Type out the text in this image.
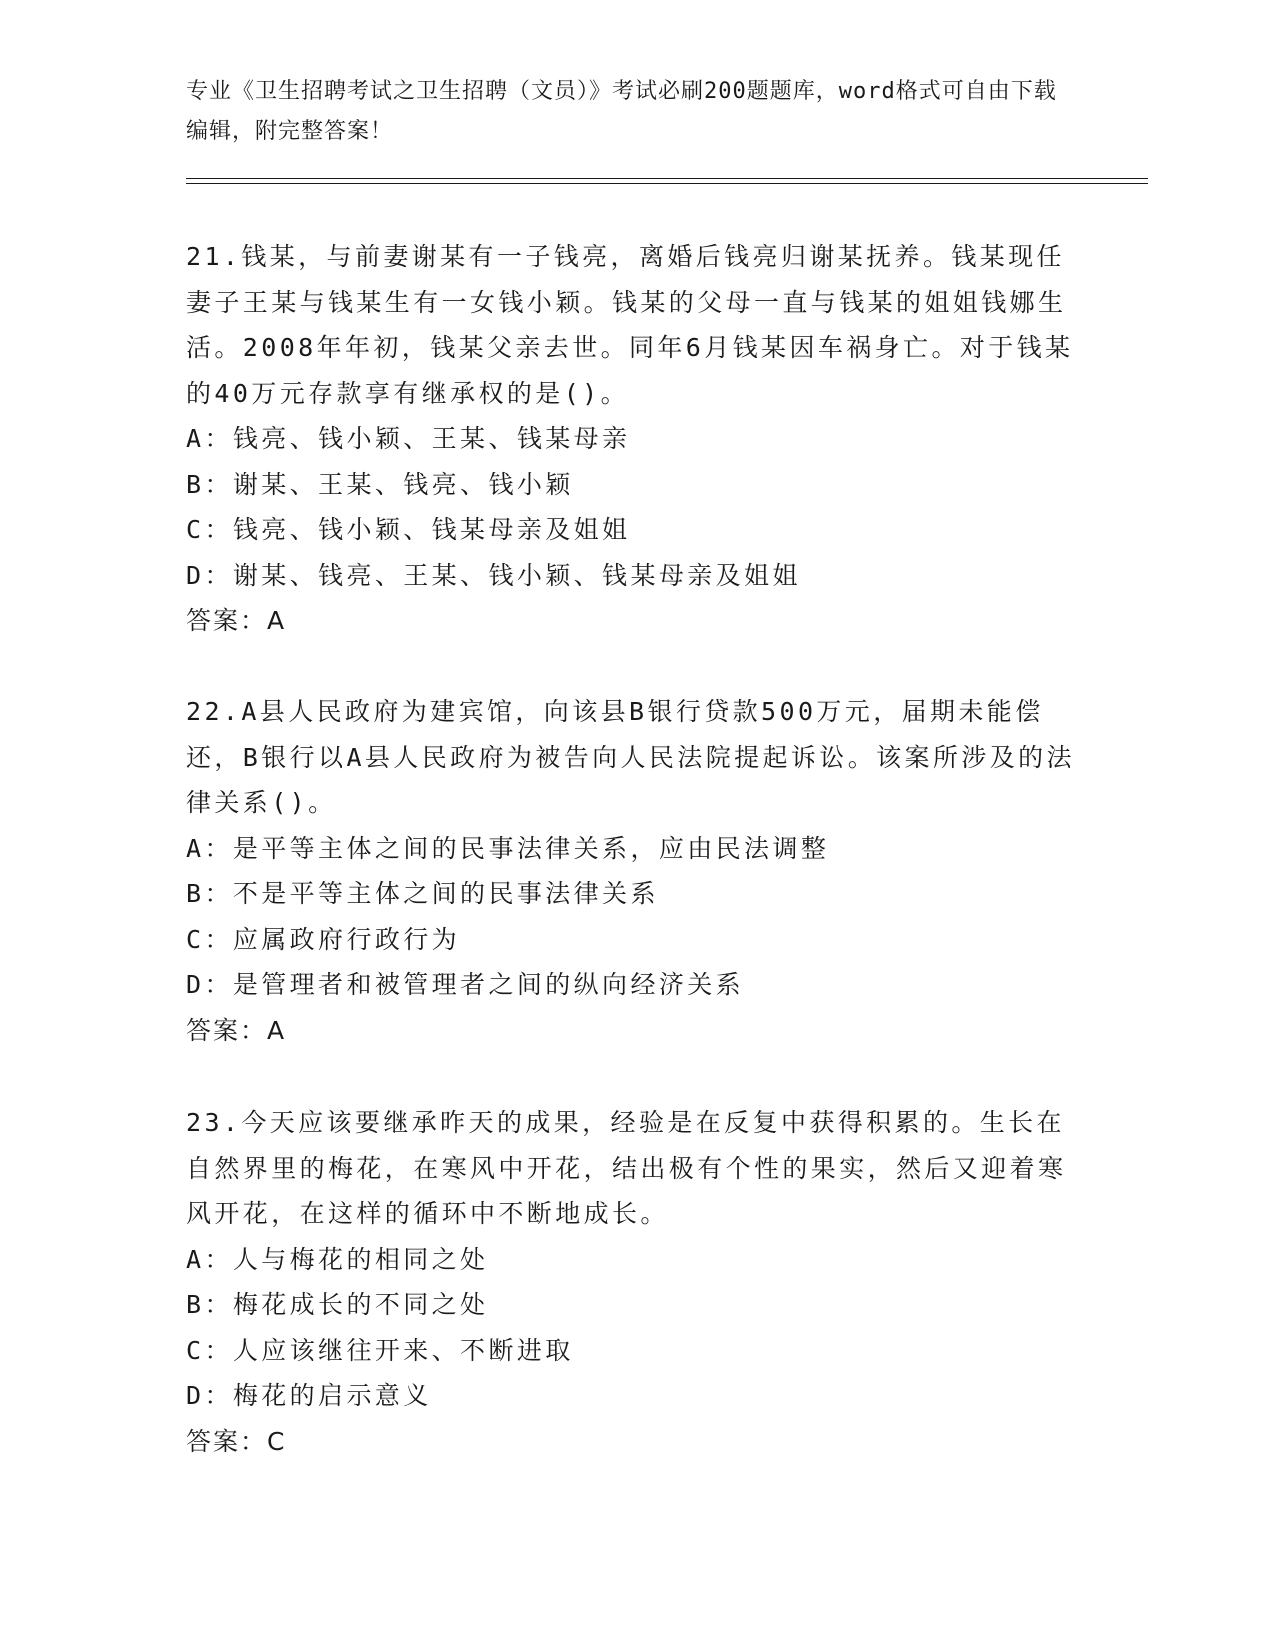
专业《卫生招聘考试之卫生招聘（文员）》考试必刷200题题库，word格式可自由下载编辑，附完整答案！

21.钱某，与前妻谢某有一子钱亮，离婚后钱亮归谢某抚养。钱某现任妻子王某与钱某生有一女钱小颖。钱某的父母一直与钱某的姐姐钱娜生活。2008年年初，钱某父亲去世。同年6月钱某因车祸身亡。对于钱某的40万元存款享有继承权的是()。

A：钱亮、钱小颖、王某、钱某母亲

B：谢某、王某、钱亮、钱小颖

C：钱亮、钱小颖、钱某母亲及姐姐

D：谢某、钱亮、王某、钱小颖、钱某母亲及姐姐

答案：A

22.A县人民政府为建宾馆，向该县B银行贷款500万元，届期未能偿还，B银行以A县人民政府为被告向人民法院提起诉讼。该案所涉及的法律关系()。

A：是平等主体之间的民事法律关系，应由民法调整

B：不是平等主体之间的民事法律关系

C：应属政府行政行为

D：是管理者和被管理者之间的纵向经济关系

答案：A

23.今天应该要继承昨天的成果，经验是在反复中获得积累的。生长在自然界里的梅花，在寒风中开花，结出极有个性的果实，然后又迎着寒风开花，在这样的循环中不断地成长。

A：人与梅花的相同之处

B：梅花成长的不同之处

C：人应该继往开来、不断进取

D：梅花的启示意义

答案：C
